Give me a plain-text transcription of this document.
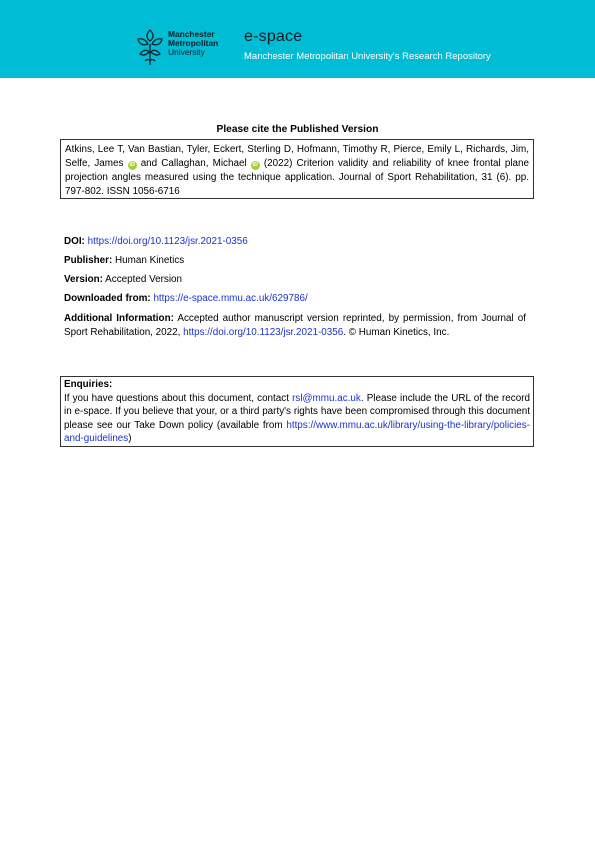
Manchester
Metropolitan
University
e-space
Manchester Metropolitan University's Research Repository
Please cite the Published Version
Atkins, Lee T, Van Bastian, Tyler, Eckert, Sterling D, Hofmann, Timothy R, Pierce, Emily L, Richards, Jim, Selfe, James iD and Callaghan, Michael iD (2022) Criterion validity and reliability of knee frontal plane projection angles measured using the technique application. Journal of Sport Rehabilitation, 31 (6). pp. 797-802. ISSN 1056-6716
DOI: https://doi.org/10.1123/jsr.2021-0356
Publisher: Human Kinetics
Version: Accepted Version
Downloaded from: https://e-space.mmu.ac.uk/629786/
Additional Information: Accepted author manuscript version reprinted, by permission, from Journal of Sport Rehabilitation, 2022, https://doi.org/10.1123/jsr.2021-0356. © Human Kinetics, Inc.
Enquiries:
If you have questions about this document, contact rsl@mmu.ac.uk. Please include the URL of the record in e-space. If you believe that your, or a third party's rights have been compromised through this document please see our Take Down policy (available from https://www.mmu.ac.uk/library/using-the-library/policies-and-guidelines)
